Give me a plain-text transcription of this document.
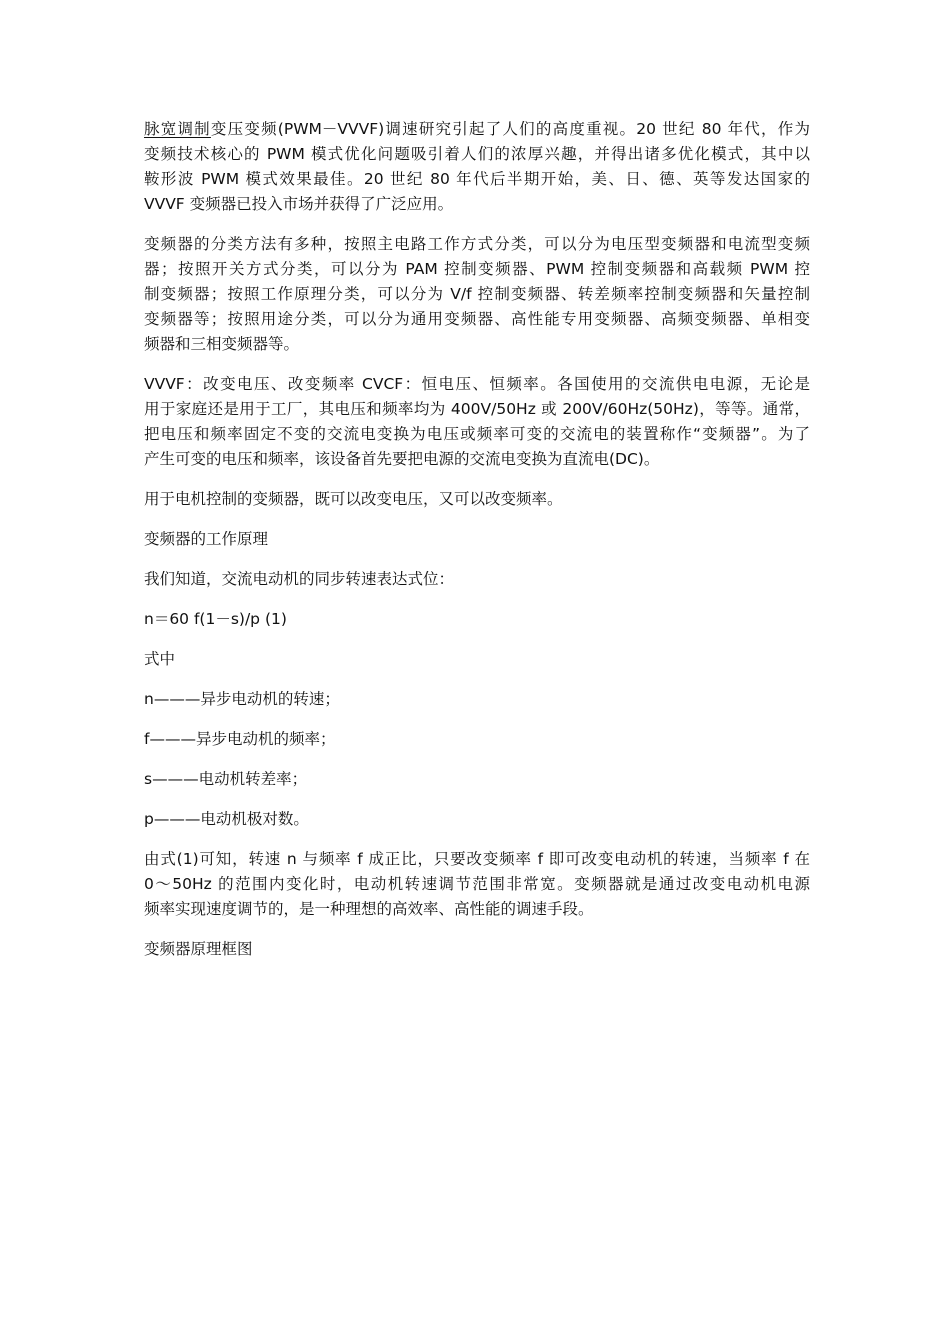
脉宽调制变压变频(PWM－VVVF)调速研究引起了人们的高度重视。20 世纪 80 年代，作为
变频技术核心的 PWM 模式优化问题吸引着人们的浓厚兴趣，并得出诸多优化模式，其中以
鞍形波 PWM 模式效果最佳。20 世纪 80 年代后半期开始，美、日、德、英等发达国家的
VVVF 变频器已投入市场并获得了广泛应用。
变频器的分类方法有多种，按照主电路工作方式分类，可以分为电压型变频器和电流型变频
器；按照开关方式分类，可以分为 PAM 控制变频器、PWM 控制变频器和高载频 PWM 控
制变频器；按照工作原理分类，可以分为 V/f 控制变频器、转差频率控制变频器和矢量控制
变频器等；按照用途分类，可以分为通用变频器、高性能专用变频器、高频变频器、单相变
频器和三相变频器等。
VVVF：改变电压、改变频率 CVCF：恒电压、恒频率。各国使用的交流供电电源，无论是
用于家庭还是用于工厂，其电压和频率均为 400V/50Hz 或 200V/60Hz(50Hz)，等等。通常，
把电压和频率固定不变的交流电变换为电压或频率可变的交流电的装置称作“变频器”。为了
产生可变的电压和频率，该设备首先要把电源的交流电变换为直流电(DC)。

用于电机控制的变频器，既可以改变电压，又可以改变频率。

变频器的工作原理

我们知道，交流电动机的同步转速表达式位：

n＝60 f(1－s)/p (1)

式中

n———异步电动机的转速；

f———异步电动机的频率；

s———电动机转差率；

p———电动机极对数。

由式(1)可知，转速 n 与频率 f 成正比，只要改变频率 f 即可改变电动机的转速，当频率 f 在
0～50Hz 的范围内变化时，电动机转速调节范围非常宽。变频器就是通过改变电动机电源
频率实现速度调节的，是一种理想的高效率、高性能的调速手段。

变频器原理框图
